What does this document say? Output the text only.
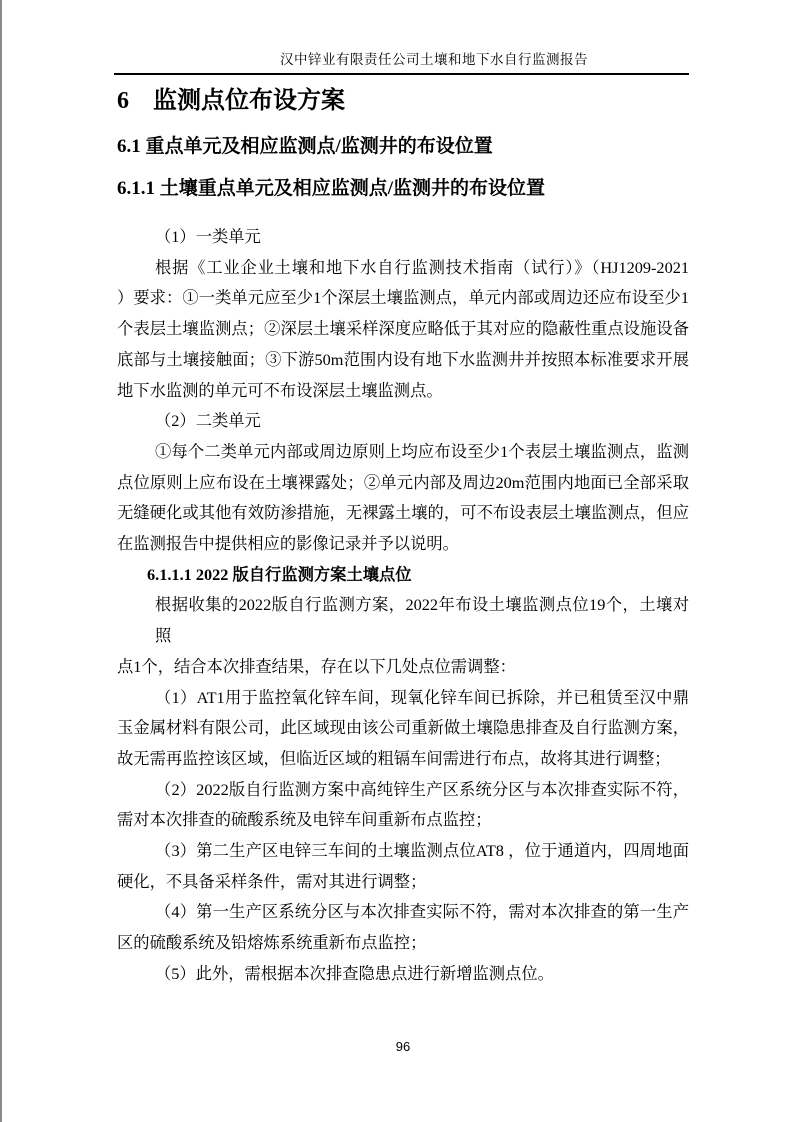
汉中锌业有限责任公司土壤和地下水自行监测报告
6　监测点位布设方案
6.1 重点单元及相应监测点/监测井的布设位置
6.1.1 土壤重点单元及相应监测点/监测井的布设位置
（1）一类单元
根据《工业企业土壤和地下水自行监测技术指南（试行）》（HJ1209-2021
）要求：①一类单元应至少1个深层土壤监测点，单元内部或周边还应布设至少1
个表层土壤监测点；②深层土壤采样深度应略低于其对应的隐蔽性重点设施设备
底部与土壤接触面；③下游50m范围内设有地下水监测井并按照本标准要求开展
地下水监测的单元可不布设深层土壤监测点。
（2）二类单元
①每个二类单元内部或周边原则上均应布设至少1个表层土壤监测点，监测
点位原则上应布设在土壤裸露处；②单元内部及周边20m范围内地面已全部采取
无缝硬化或其他有效防渗措施，无裸露土壤的，可不布设表层土壤监测点，但应
在监测报告中提供相应的影像记录并予以说明。
6.1.1.1 2022 版自行监测方案土壤点位
根据收集的2022版自行监测方案，2022年布设土壤监测点位19个，土壤对照
点1个，结合本次排查结果，存在以下几处点位需调整：
（1）AT1用于监控氧化锌车间，现氧化锌车间已拆除，并已租赁至汉中鼎
玉金属材料有限公司，此区域现由该公司重新做土壤隐患排查及自行监测方案，
故无需再监控该区域，但临近区域的粗镉车间需进行布点，故将其进行调整；
（2）2022版自行监测方案中高纯锌生产区系统分区与本次排查实际不符，
需对本次排查的硫酸系统及电锌车间重新布点监控；
（3）第二生产区电锌三车间的土壤监测点位AT8 ，位于通道内，四周地面
硬化，不具备采样条件，需对其进行调整；
（4）第一生产区系统分区与本次排查实际不符，需对本次排查的第一生产
区的硫酸系统及铅熔炼系统重新布点监控；
（5）此外，需根据本次排查隐患点进行新增监测点位。
96
